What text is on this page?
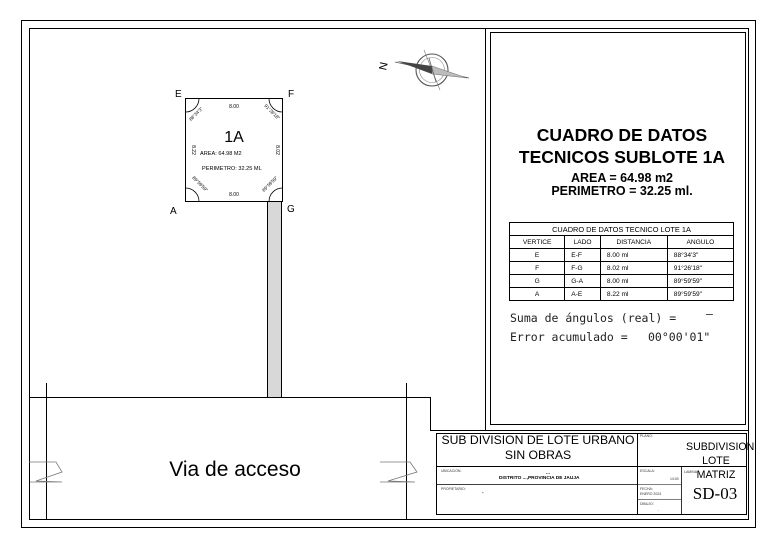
E	F
G
A
8.00
8.00
8.22	8.02
88°34'3"	91°26'18"
89°59'59"
89°59'59"
1A
AREA: 64.98 M2
PERIMETRO: 32.25 ML
N
Via de acceso
CUADRO DE DATOS
TECNICOS SUBLOTE 1A
AREA = 64.98 m2
PERIMETRO = 32.25 ml.
CUADRO DE DATOS TECNICO LOTE 1A			
VERTICE	LADO	DISTANCIA	ANGULO
E	E-F	8.00 ml	88°34'3"
F	F-G	8.02 ml	91°26'18"
G	G-A	8.00 ml	89°59'59"
A	A-E	8.22 ml	89°59'59"
Suma de ángulos (real) =	–
Error acumulado = 00°00'01"
SUB DIVISION DE LOTE URBANO
SIN OBRAS
PLANO:
SUBDIVISION
LOTE MATRIZ
UBICACION:	...
DISTRITO ...,PROVINCIA DE JAUJA
PROPIETARIO:
-
ESCALA:
1/100
LAMINA:
FECHA:
ENERO 2024
DIBUJO:
-
SD-03
